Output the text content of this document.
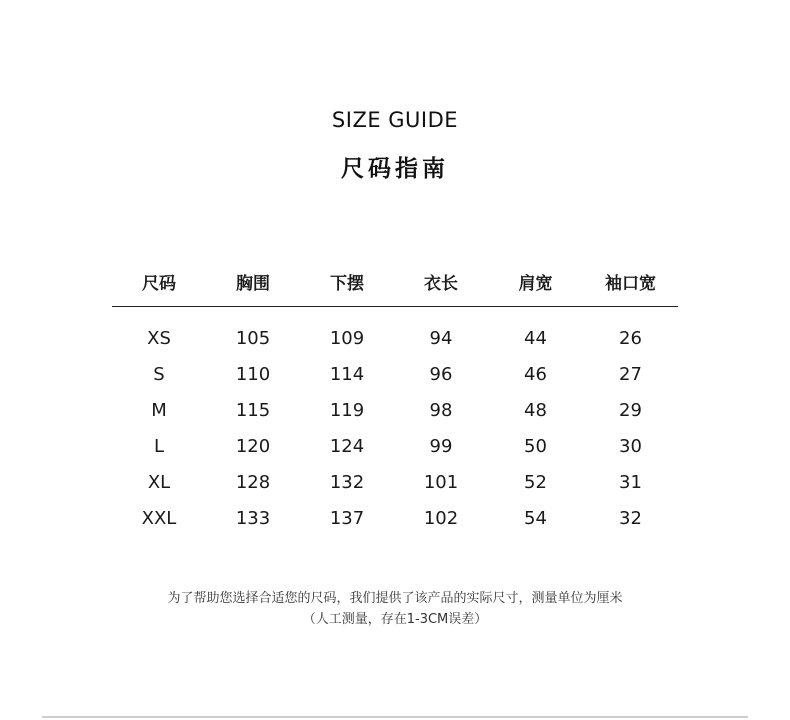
SIZE GUIDE
尺码指南
尺码	胸围	下摆	衣长	肩宽	袖口宽
XS	105	109	94	44	26
S	110	114	96	46	27
M	115	119	98	48	29
L	120	124	99	50	30
XL	128	132	101	52	31
XXL	133	137	102	54	32
为了帮助您选择合适您的尺码，我们提供了该产品的实际尺寸，测量单位为厘米
（人工测量，存在1-3CM误差）
